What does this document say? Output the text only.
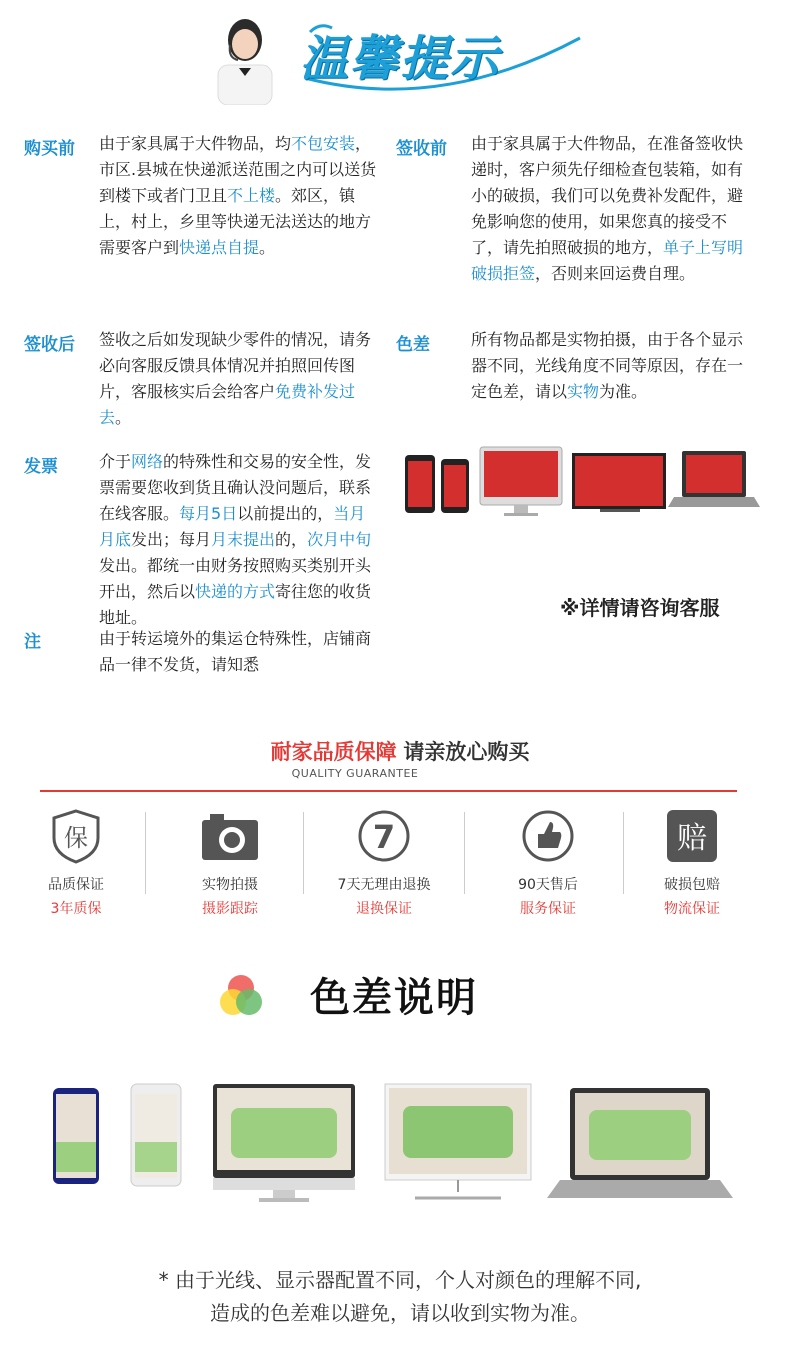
温馨提示
购买前 由于家具属于大件物品，均不包安装，市区.县城在快递派送范围之内可以送货到楼下或者门卫且不上楼。郊区，镇上，村上，乡里等快递无法送达的地方需要客户到快递点自提。
签收前 由于家具属于大件物品，在准备签收快递时，客户须先仔细检查包装箱，如有小的破损，我们可以免费补发配件，避免影响您的使用，如果您真的接受不了，请先拍照破损的地方，单子上写明破损拒签，否则来回运费自理。
签收后 签收之后如发现缺少零件的情况，请务必向客服反馈具体情况并拍照回传图片，客服核实后会给客户免费补发过去。
色差	所有物品都是实物拍摄，由于各个显示器不同，光线角度不同等原因，存在一定色差，请以实物为准。
发票	介于网络的特殊性和交易的安全性，发票需要您收到货且确认没问题后，联系在线客服。每月5日以前提出的，当月月底发出；每月月末提出的，次月中旬发出。都统一由财务按照购买类别开头开出，然后以快递的方式寄往您的收货地址。
注	由于转运境外的集运仓特殊性，店铺商品一律不发货，请知悉
※详情请咨询客服
耐家品质保障 请亲放心购买
QUALITY GUARANTEE
保
品质保证
3年质保
实物拍摄
摄影跟踪
7
7天无理由退换
退换保证
90天售后
服务保证
赔
破损包赔
物流保证
色差说明
* 由于光线、显示器配置不同，个人对颜色的理解不同,
造成的色差难以避免，请以收到实物为准。
